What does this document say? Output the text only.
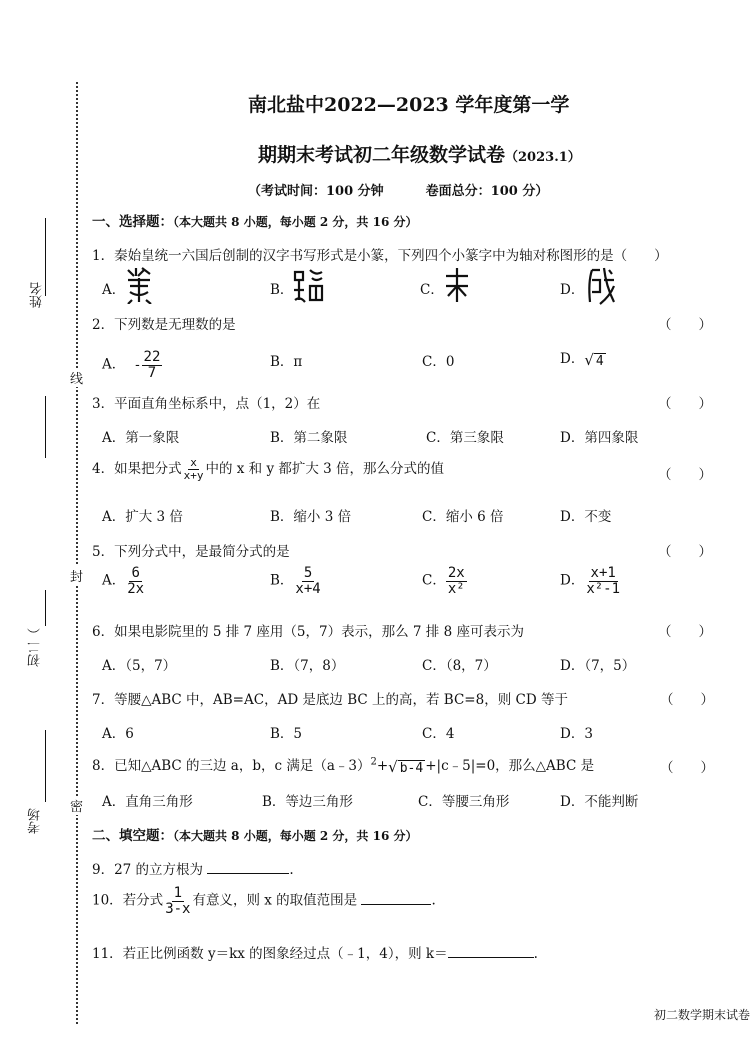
姓名
初二（
考场
线
封
密
南北盐中2022—2023 学年度第一学
期期末考试初二年级数学试卷（2023.1）
（考试时间：100 分钟	卷面总分：100 分）
一、选择题：（本大题共 8 小题，每小题 2 分，共 16 分）
1．秦始皇统一六国后创制的汉字书写形式是小篆，下列四个小篆字中为轴对称图形的是（　　）
A．	B．	C．	D．
2．下列数是无理数的是	（　　）
A． - $\frac{22}{7}$	B．π	C．0	D．√ 4
3．平面直角坐标系中，点（1，2）在	（　　）
A．第一象限	B．第二象限	C．第三象限	D．第四象限
4．如果把分式 $\frac{x}{x+y}$ 中的 x 和 y 都扩大 3 倍，那么分式的值	（　　）
A．扩大 3 倍	B．缩小 3 倍	C．缩小 6 倍	D．不变
5．下列分式中，是最简分式的是	（　　）
A． $\frac{6}{2x}$	B． $\frac{5}{x+4}$	C． $\frac{2x}{\text{x²}}$	D． $\frac{x+1}{\text{x²-1}}$
6．如果电影院里的 5 排 7 座用（5，7）表示，那么 7 排 8 座可表示为	（　　）
A．（5，7）	B．（7，8）	C．（8，7）	D．（7，5）
7．等腰△ABC 中，AB=AC，AD 是底边 BC 上的高，若 BC=8，则 CD 等于	（　　）
A．6	B．5	C．4	D．3
8．已知△ABC 的三边 a，b，c 满足（a﹣3）$^2$+√ b-4 +|c﹣5|=0，那么△ABC 是	（　　）
A．直角三角形	B．等边三角形	C．等腰三角形	D．不能判断
二、填空题：（本大题共 8 小题，每小题 2 分，共 16 分）
9．27 的立方根为	.
10．若分式 $\frac{1}{3-x}$ 有意义，则 x 的取值范围是	.
11．若正比例函数 y＝kx 的图象经过点（﹣1，4），则 k＝	.
初二数学期末试卷
